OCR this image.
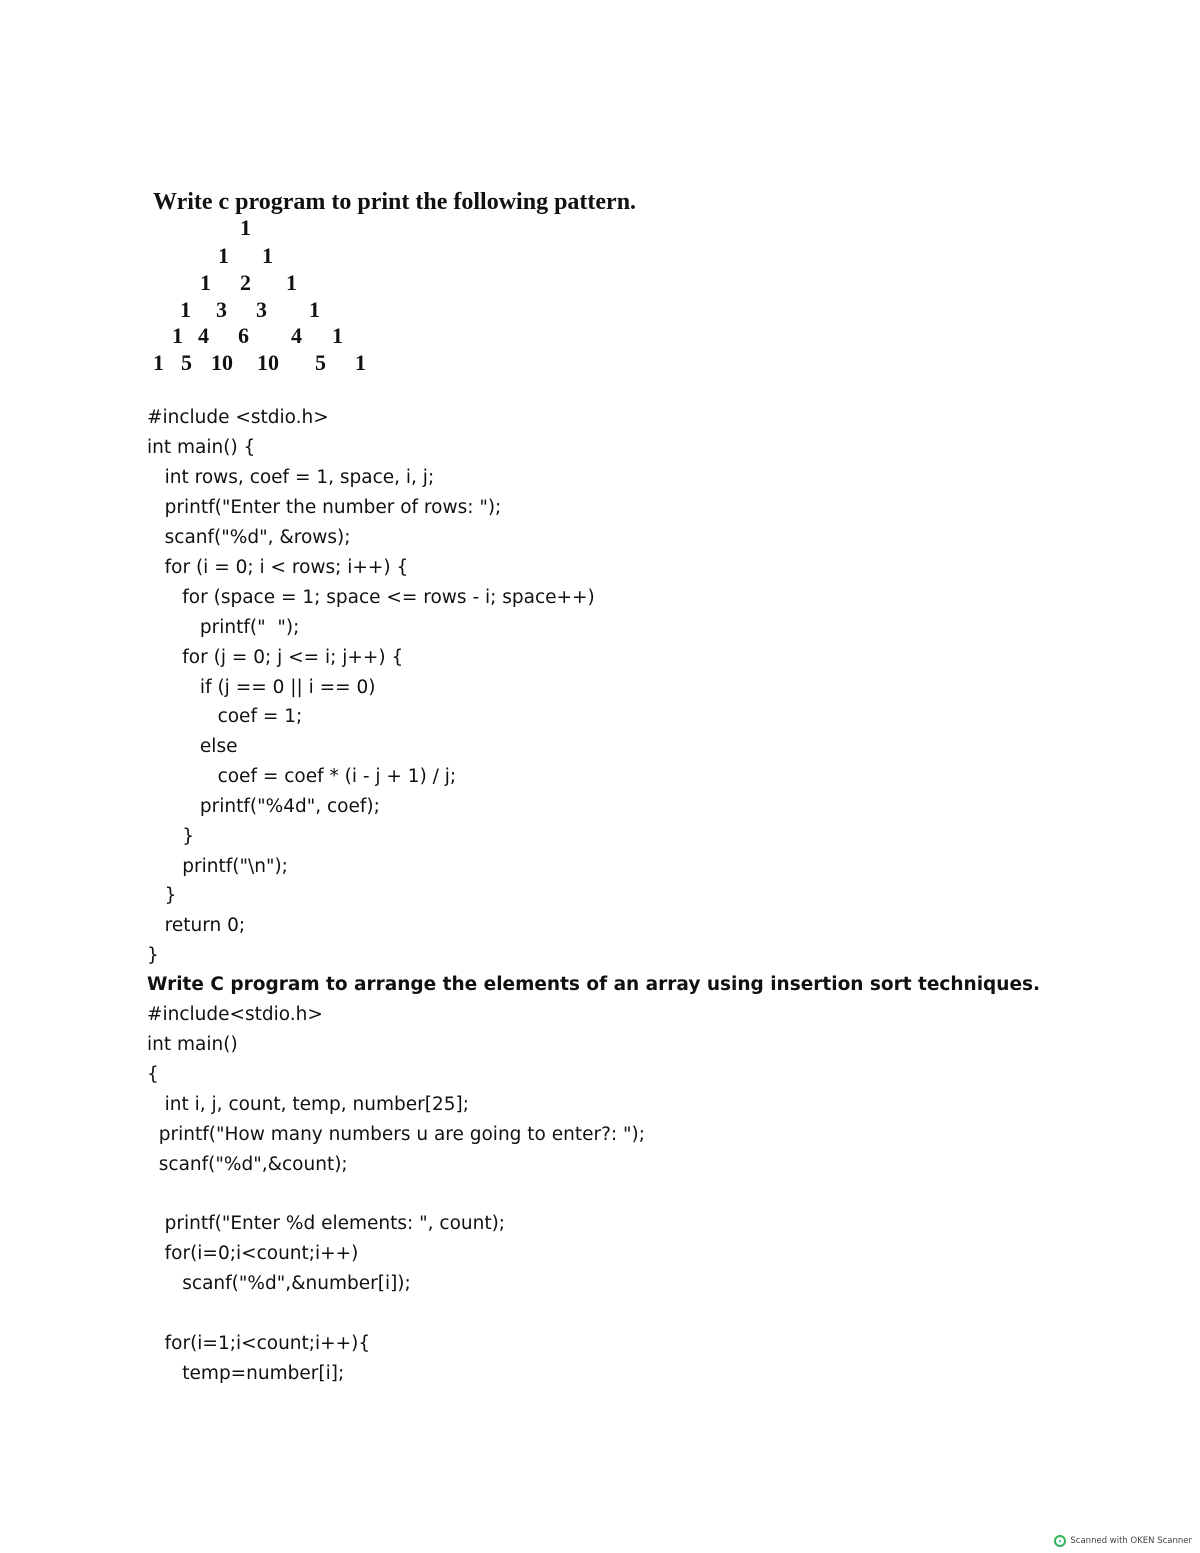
Write c program to print the following pattern.
1
1 1
1 2 1
1 3 3 1
1 4 6 4 1
1 5 10 10 5 1
#include <stdio.h>
int main() {
int rows, coef = 1, space, i, j;
printf("Enter the number of rows: ");
scanf("%d", &rows);
for (i = 0; i < rows; i++) {
for (space = 1; space <= rows - i; space++)
printf("  ");
for (j = 0; j <= i; j++) {
if (j == 0 || i == 0)
coef = 1;
else
coef = coef * (i - j + 1) / j;
printf("%4d", coef);
}
printf("\n");
}
return 0;
}
Write C program to arrange the elements of an array using insertion sort techniques.
#include<stdio.h>
int main()
{
int i, j, count, temp, number[25];
printf("How many numbers u are going to enter?: ");
scanf("%d",&count);
printf("Enter %d elements: ", count);
for(i=0;i<count;i++)
scanf("%d",&number[i]);
for(i=1;i<count;i++){
temp=number[i];
Scanned with OKEN Scanner
